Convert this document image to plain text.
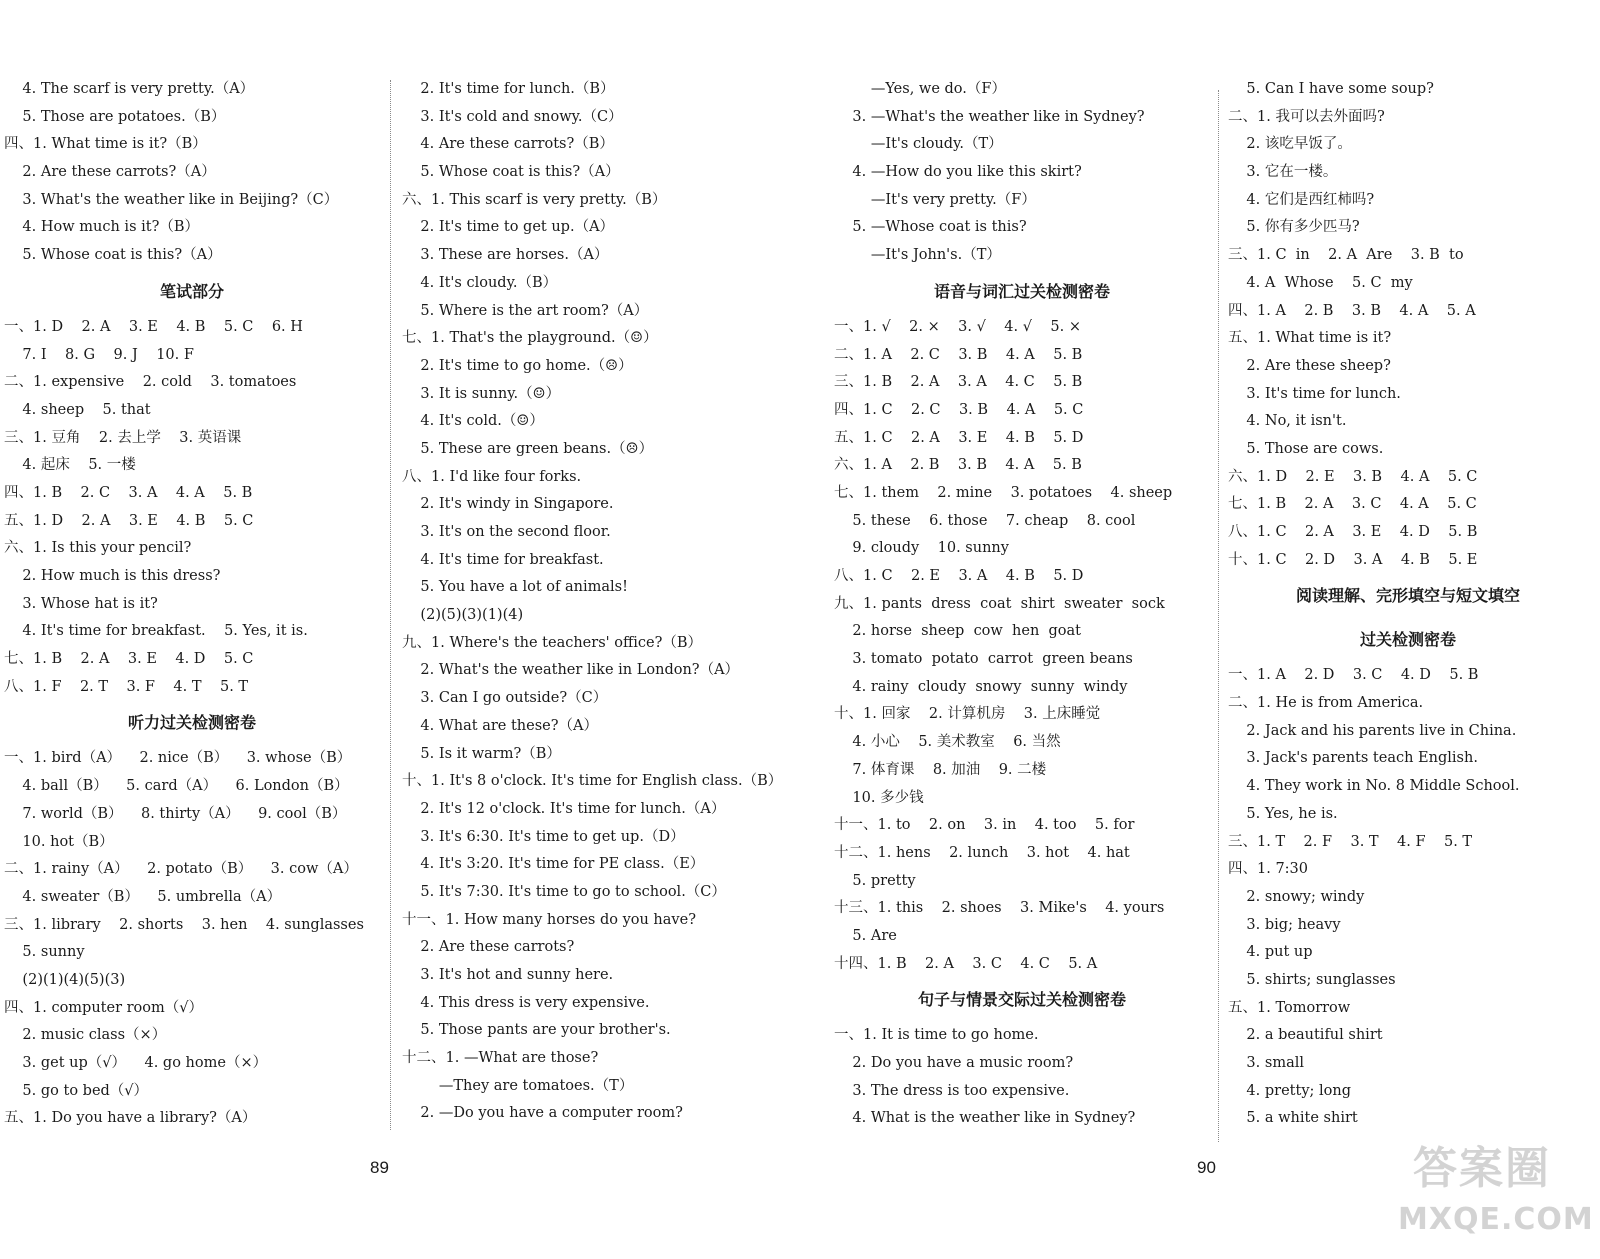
4. The scarf is very pretty.（A）
5. Those are potatoes.（B）
四、1. What time is it?（B）
2. Are these carrots?（A）
3. What's the weather like in Beijing?（C）
4. How much is it?（B）
5. Whose coat is this?（A）
笔试部分
一、1. D    2. A    3. E    4. B    5. C    6. H
7. I    8. G    9. J    10. F
二、1. expensive    2. cold    3. tomatoes
4. sheep    5. that
三、1. 豆角    2. 去上学    3. 英语课
4. 起床    5. 一楼
四、1. B    2. C    3. A    4. A    5. B
五、1. D    2. A    3. E    4. B    5. C
六、1. Is this your pencil?
2. How much is this dress?
3. Whose hat is it?
4. It's time for breakfast.    5. Yes, it is.
七、1. B    2. A    3. E    4. D    5. C
八、1. F    2. T    3. F    4. T    5. T
听力过关检测密卷
一、1. bird（A）    2. nice（B）    3. whose（B）
4. ball（B）    5. card（A）    6. London（B）
7. world（B）    8. thirty（A）    9. cool（B）
10. hot（B）
二、1. rainy（A）    2. potato（B）    3. cow（A）
4. sweater（B）    5. umbrella（A）
三、1. library    2. shorts    3. hen    4. sunglasses
5. sunny
(2)(1)(4)(5)(3)
四、1. computer room（√）
2. music class（×）
3. get up（√）    4. go home（×）
5. go to bed（√）
五、1. Do you have a library?（A）
2. It's time for lunch.（B）
3. It's cold and snowy.（C）
4. Are these carrots?（B）
5. Whose coat is this?（A）
六、1. This scarf is very pretty.（B）
2. It's time to get up.（A）
3. These are horses.（A）
4. It's cloudy.（B）
5. Where is the art room?（A）
七、1. That's the playground.（☺）
2. It's time to go home.（☹）
3. It is sunny.（☺）
4. It's cold.（☺）
5. These are green beans.（☹）
八、1. I'd like four forks.
2. It's windy in Singapore.
3. It's on the second floor.
4. It's time for breakfast.
5. You have a lot of animals!
(2)(5)(3)(1)(4)
九、1. Where's the teachers' office?（B）
2. What's the weather like in London?（A）
3. Can I go outside?（C）
4. What are these?（A）
5. Is it warm?（B）
十、1. It's 8 o'clock. It's time for English class.（B）
2. It's 12 o'clock. It's time for lunch.（A）
3. It's 6:30. It's time to get up.（D）
4. It's 3:20. It's time for PE class.（E）
5. It's 7:30. It's time to go to school.（C）
十一、1. How many horses do you have?
2. Are these carrots?
3. It's hot and sunny here.
4. This dress is very expensive.
5. Those pants are your brother's.
十二、1. —What are those?
—They are tomatoes.（T）
2. —Do you have a computer room?
—Yes, we do.（F）
3. —What's the weather like in Sydney?
—It's cloudy.（T）
4. —How do you like this skirt?
—It's very pretty.（F）
5. —Whose coat is this?
—It's John's.（T）
语音与词汇过关检测密卷
一、1. √    2. ×    3. √    4. √    5. ×
二、1. A    2. C    3. B    4. A    5. B
三、1. B    2. A    3. A    4. C    5. B
四、1. C    2. C    3. B    4. A    5. C
五、1. C    2. A    3. E    4. B    5. D
六、1. A    2. B    3. B    4. A    5. B
七、1. them    2. mine    3. potatoes    4. sheep
5. these    6. those    7. cheap    8. cool
9. cloudy    10. sunny
八、1. C    2. E    3. A    4. B    5. D
九、1. pants  dress  coat  shirt  sweater  sock
2. horse  sheep  cow  hen  goat
3. tomato  potato  carrot  green beans
4. rainy  cloudy  snowy  sunny  windy
十、1. 回家    2. 计算机房    3. 上床睡觉
4. 小心    5. 美术教室    6. 当然
7. 体育课    8. 加油    9. 二楼
10. 多少钱
十一、1. to    2. on    3. in    4. too    5. for
十二、1. hens    2. lunch    3. hot    4. hat
5. pretty
十三、1. this    2. shoes    3. Mike's    4. yours
5. Are
十四、1. B    2. A    3. C    4. C    5. A
句子与情景交际过关检测密卷
一、1. It is time to go home.
2. Do you have a music room?
3. The dress is too expensive.
4. What is the weather like in Sydney?
5. Can I have some soup?
二、1. 我可以去外面吗?
2. 该吃早饭了。
3. 它在一楼。
4. 它们是西红柿吗?
5. 你有多少匹马?
三、1. C  in    2. A  Are    3. B  to
4. A  Whose    5. C  my
四、1. A    2. B    3. B    4. A    5. A
五、1. What time is it?
2. Are these sheep?
3. It's time for lunch.
4. No, it isn't.
5. Those are cows.
六、1. D    2. E    3. B    4. A    5. C
七、1. B    2. A    3. C    4. A    5. C
八、1. C    2. A    3. E    4. D    5. B
十、1. C    2. D    3. A    4. B    5. E
阅读理解、完形填空与短文填空
过关检测密卷
一、1. A    2. D    3. C    4. D    5. B
二、1. He is from America.
2. Jack and his parents live in China.
3. Jack's parents teach English.
4. They work in No. 8 Middle School.
5. Yes, he is.
三、1. T    2. F    3. T    4. F    5. T
四、1. 7:30
2. snowy; windy
3. big; heavy
4. put up
5. shirts; sunglasses
五、1. Tomorrow
2. a beautiful shirt
3. small
4. pretty; long
5. a white shirt
89	90	答案圈
MXQE.COM
